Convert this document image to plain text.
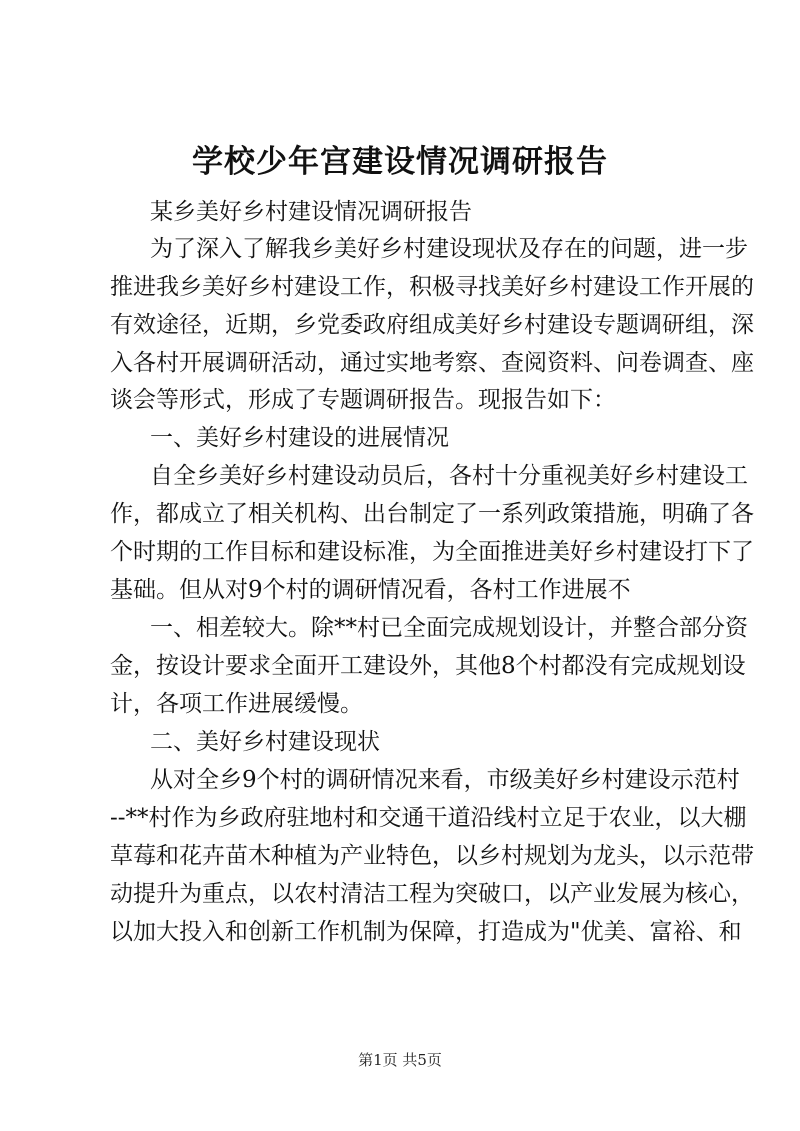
学校少年宫建设情况调研报告
某乡美好乡村建设情况调研报告
为了深入了解我乡美好乡村建设现状及存在的问题，进一步
推进我乡美好乡村建设工作，积极寻找美好乡村建设工作开展的
有效途径，近期，乡党委政府组成美好乡村建设专题调研组，深
入各村开展调研活动，通过实地考察、查阅资料、问卷调查、座
谈会等形式，形成了专题调研报告。现报告如下：
一、美好乡村建设的进展情况
自全乡美好乡村建设动员后，各村十分重视美好乡村建设工
作，都成立了相关机构、出台制定了一系列政策措施，明确了各
个时期的工作目标和建设标准，为全面推进美好乡村建设打下了
基础。但从对9个村的调研情况看，各村工作进展不
一、相差较大。除**村已全面完成规划设计，并整合部分资
金，按设计要求全面开工建设外，其他8个村都没有完成规划设
计，各项工作进展缓慢。
二、美好乡村建设现状
从对全乡9个村的调研情况来看，市级美好乡村建设示范村
--**村作为乡政府驻地村和交通干道沿线村立足于农业，以大棚
草莓和花卉苗木种植为产业特色，以乡村规划为龙头，以示范带
动提升为重点，以农村清洁工程为突破口，以产业发展为核心，
以加大投入和创新工作机制为保障，打造成为"优美、富裕、和
第1页 共5页
